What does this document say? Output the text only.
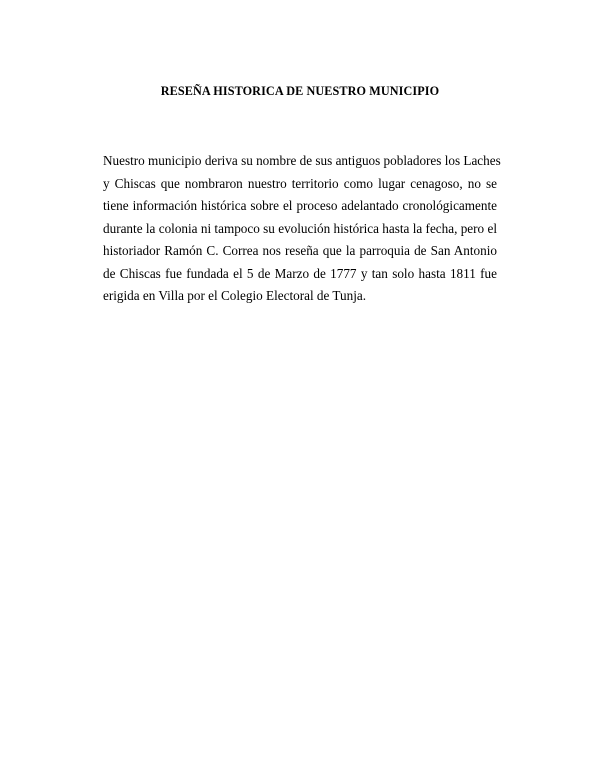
RESEÑA HISTORICA DE NUESTRO MUNICIPIO
Nuestro municipio deriva su nombre de sus antiguos pobladores los Laches
y Chiscas que nombraron nuestro territorio como lugar cenagoso, no se
tiene información histórica sobre el proceso adelantado cronológicamente
durante la colonia ni tampoco su evolución histórica hasta la fecha, pero el
historiador Ramón C. Correa nos reseña que la parroquia de San Antonio
de Chiscas fue fundada el 5 de Marzo de 1777 y tan solo hasta 1811 fue
erigida en Villa por el Colegio Electoral de Tunja.
